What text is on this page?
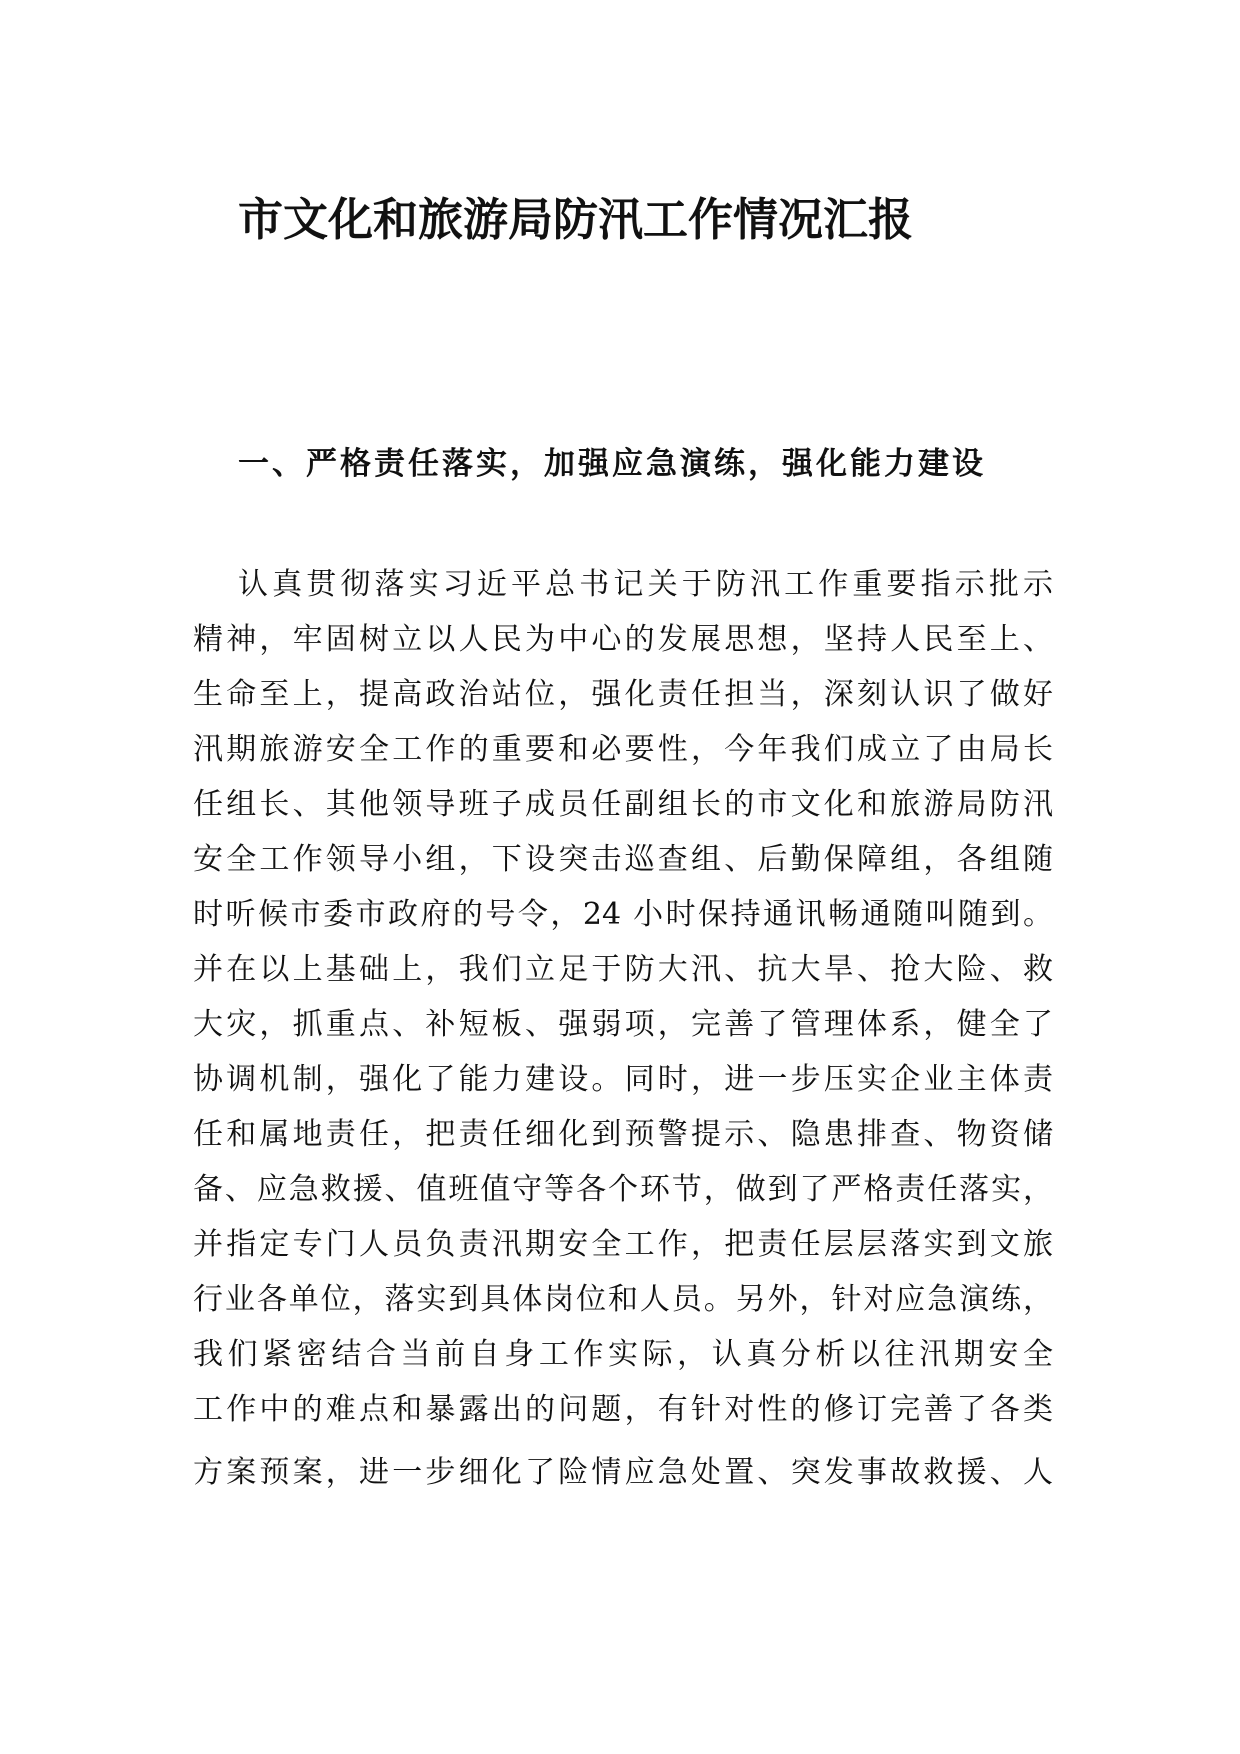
市文化和旅游局防汛工作情况汇报
一、严格责任落实，加强应急演练，强化能力建设
认真贯彻落实习近平总书记关于防汛工作重要指示批示
精神，牢固树立以人民为中心的发展思想，坚持人民至上、
生命至上，提高政治站位，强化责任担当，深刻认识了做好
汛期旅游安全工作的重要和必要性，今年我们成立了由局长
任组长、其他领导班子成员任副组长的市文化和旅游局防汛
安全工作领导小组，下设突击巡查组、后勤保障组，各组随
时听候市委市政府的号令，24 小时保持通讯畅通随叫随到。
并在以上基础上，我们立足于防大汛、抗大旱、抢大险、救
大灾，抓重点、补短板、强弱项，完善了管理体系，健全了
协调机制，强化了能力建设。同时，进一步压实企业主体责
任和属地责任，把责任细化到预警提示、隐患排查、物资储
备、应急救援、值班值守等各个环节，做到了严格责任落实，
并指定专门人员负责汛期安全工作，把责任层层落实到文旅
行业各单位，落实到具体岗位和人员。另外，针对应急演练，
我们紧密结合当前自身工作实际，认真分析以往汛期安全
工作中的难点和暴露出的问题，有针对性的修订完善了各类
方案预案，进一步细化了险情应急处置、突发事故救援、人
